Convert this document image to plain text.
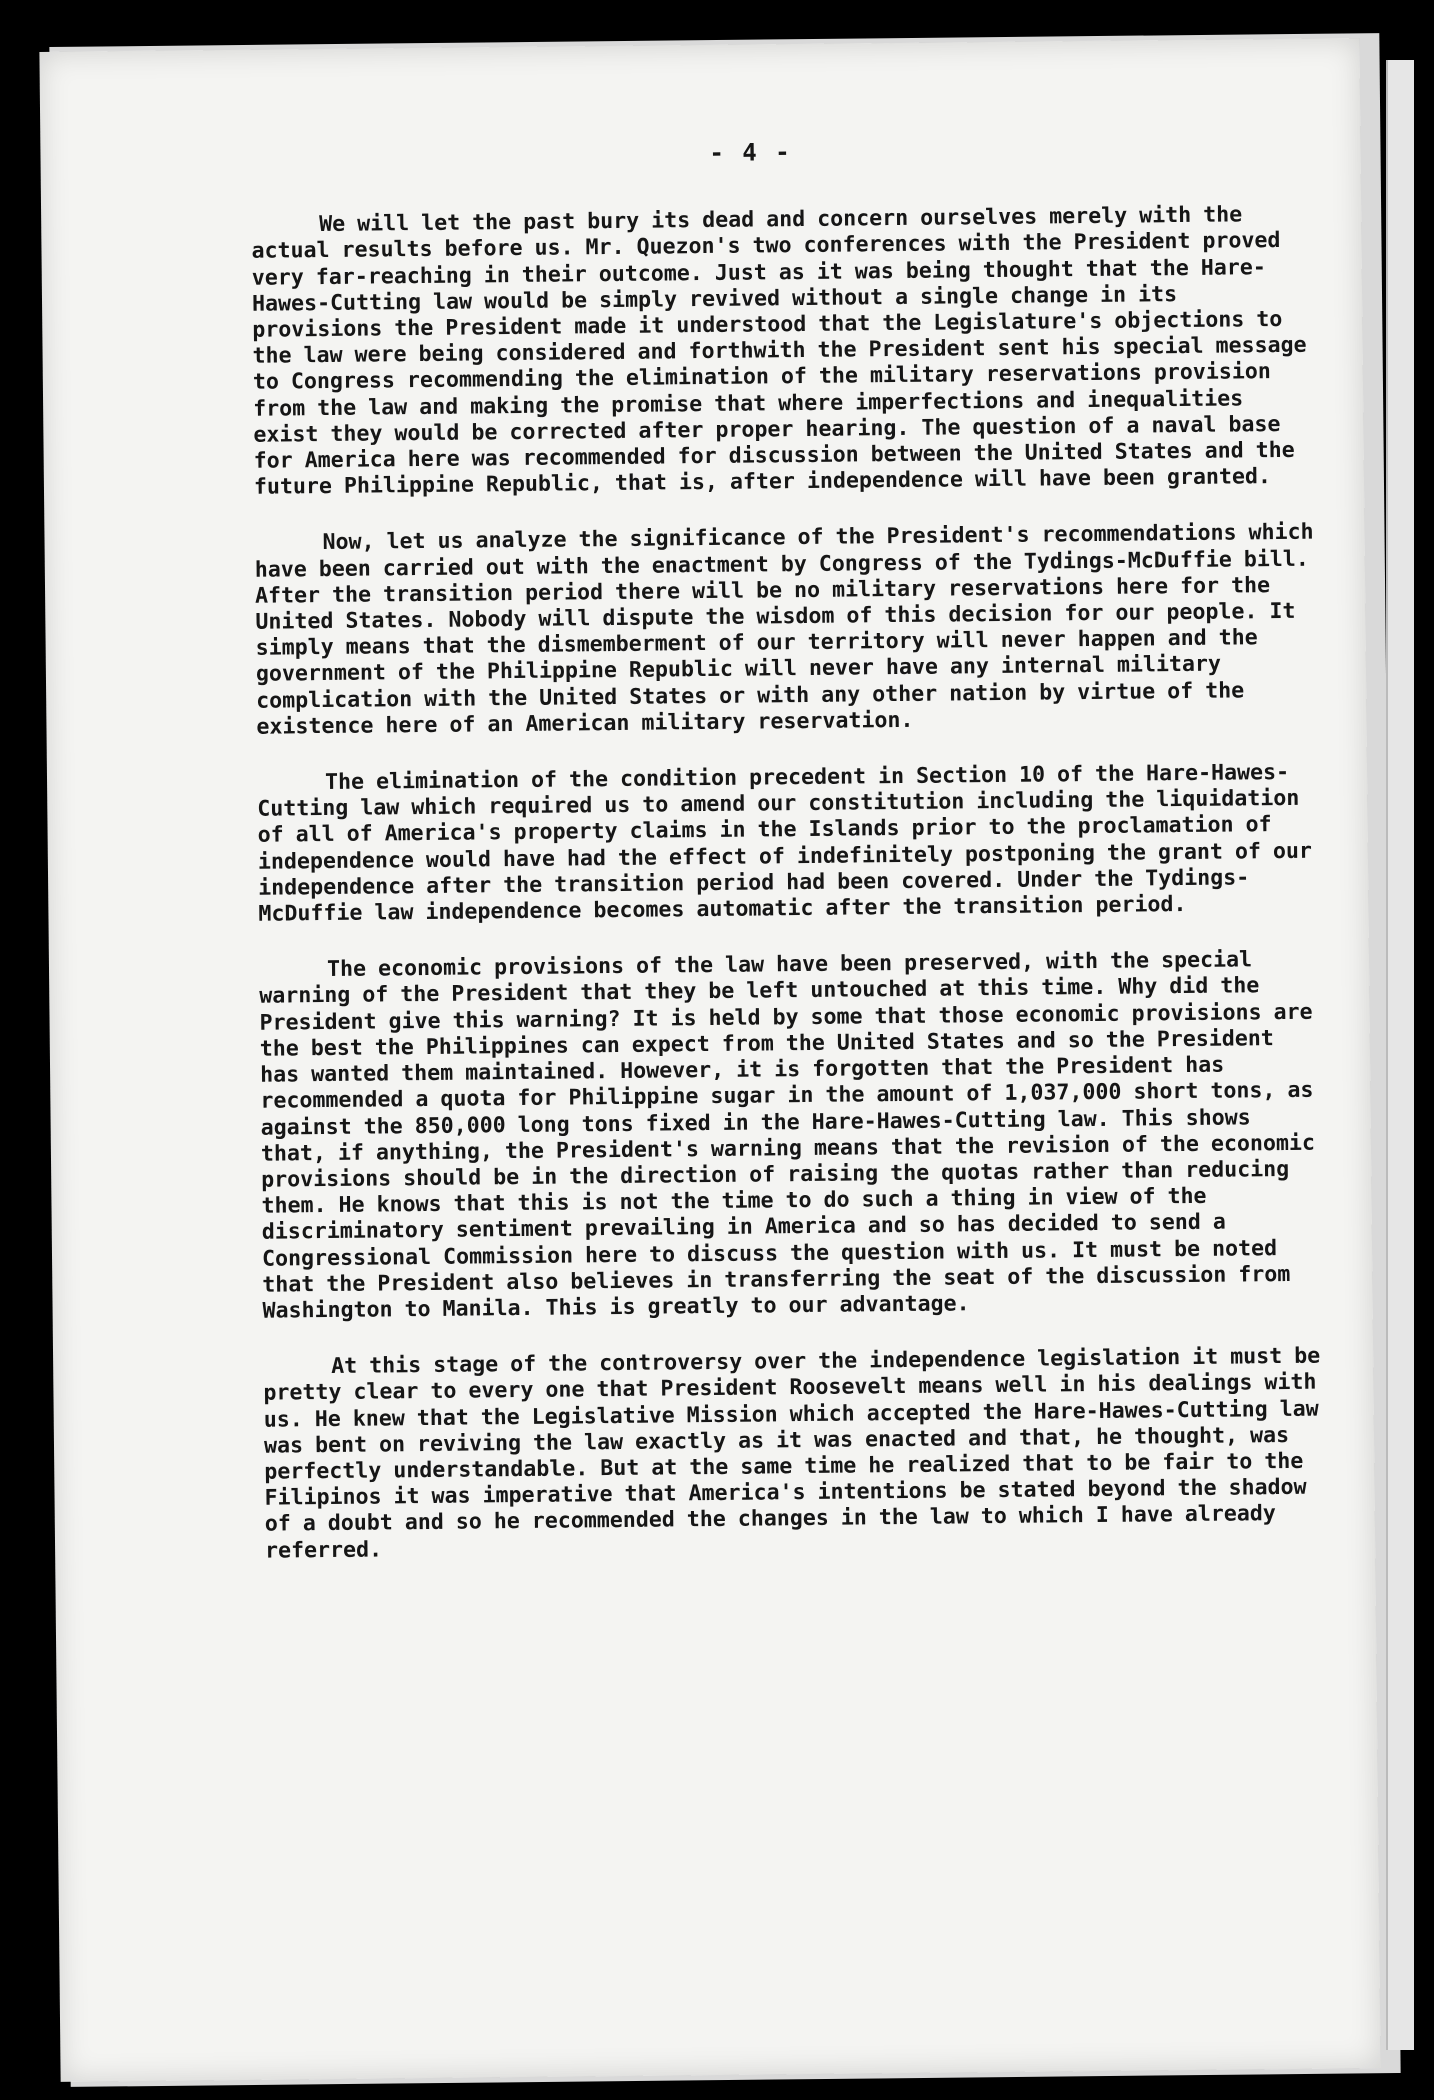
- 4 -

We will let the past bury its dead and concern ourselves merely with the actual results before us. Mr. Quezon's two conferences with the President proved very far-reaching in their outcome. Just as it was being thought that the Hare-Hawes-Cutting law would be simply revived without a single change in its provisions the President made it understood that the Legislature's objections to the law were being considered and forthwith the President sent his special message to Congress recommending the elimination of the military reservations provision from the law and making the promise that where imperfections and inequalities exist they would be corrected after proper hearing. The question of a naval base for America here was recommended for discussion between the United States and the future Philippine Republic, that is, after independence will have been granted.

Now, let us analyze the significance of the President's recommendations which have been carried out with the enactment by Congress of the Tydings-McDuffie bill. After the transition period there will be no military reservations here for the United States. Nobody will dispute the wisdom of this decision for our people. It simply means that the dismemberment of our territory will never happen and the government of the Philippine Republic will never have any internal military complication with the United States or with any other nation by virtue of the existence here of an American military reservation.

The elimination of the condition precedent in Section 10 of the Hare-Hawes-Cutting law which required us to amend our constitution including the liquidation of all of America's property claims in the Islands prior to the proclamation of independence would have had the effect of indefinitely postponing the grant of our independence after the transition period had been covered. Under the Tydings-McDuffie law independence becomes automatic after the transition period.

The economic provisions of the law have been preserved, with the special warning of the President that they be left untouched at this time. Why did the President give this warning? It is held by some that those economic provisions are the best the Philippines can expect from the United States and so the President has wanted them maintained. However, it is forgotten that the President has recommended a quota for Philippine sugar in the amount of 1,037,000 short tons, as against the 850,000 long tons fixed in the Hare-Hawes-Cutting law. This shows that, if anything, the President's warning means that the revision of the economic provisions should be in the direction of raising the quotas rather than reducing them. He knows that this is not the time to do such a thing in view of the discriminatory sentiment prevailing in America and so has decided to send a Congressional Commission here to discuss the question with us. It must be noted that the President also believes in transferring the seat of the discussion from Washington to Manila. This is greatly to our advantage.

At this stage of the controversy over the independence legislation it must be pretty clear to every one that President Roosevelt means well in his dealings with us. He knew that the Legislative Mission which accepted the Hare-Hawes-Cutting law was bent on reviving the law exactly as it was enacted and that, he thought, was perfectly understandable. But at the same time he realized that to be fair to the Filipinos it was imperative that America's intentions be stated beyond the shadow of a doubt and so he recommended the changes in the law to which I have already referred.
